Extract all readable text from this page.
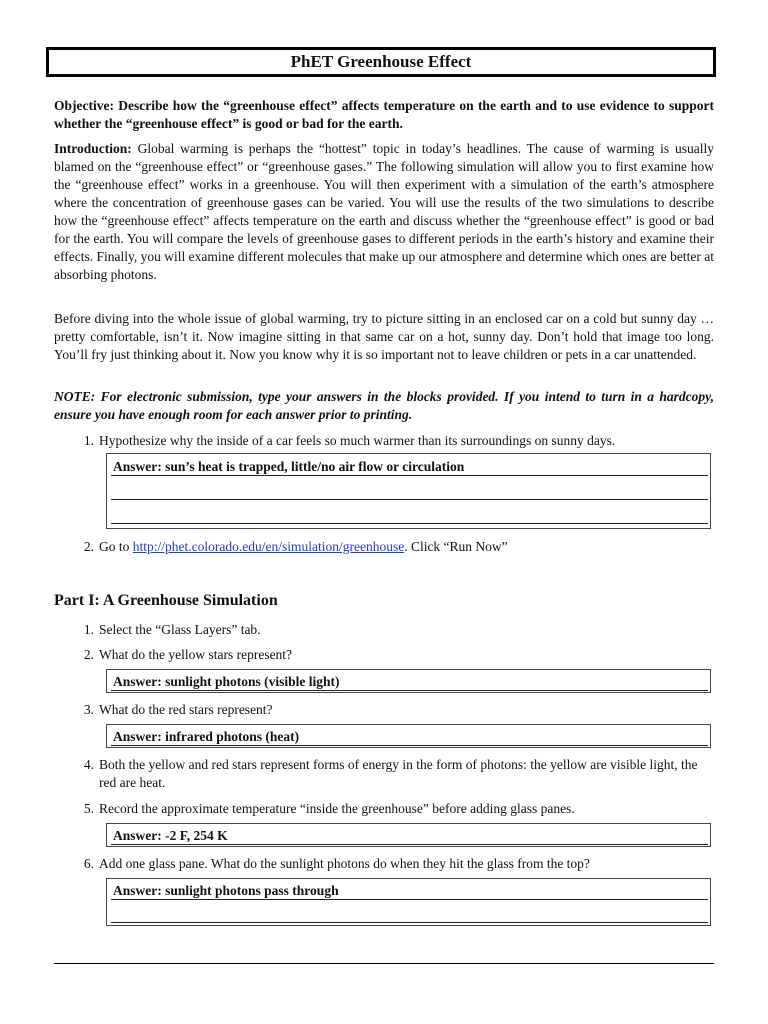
PhET Greenhouse Effect
Objective: Describe how the “greenhouse effect” affects temperature on the earth and to use evidence to support whether the “greenhouse effect” is good or bad for the earth.
Introduction: Global warming is perhaps the “hottest” topic in today’s headlines. The cause of warming is usually blamed on the “greenhouse effect” or “greenhouse gases.” The following simulation will allow you to first examine how the “greenhouse effect” works in a greenhouse. You will then experiment with a simulation of the earth’s atmosphere where the concentration of greenhouse gases can be varied. You will use the results of the two simulations to describe how the “greenhouse effect” affects temperature on the earth and discuss whether the “greenhouse effect” is good or bad for the earth. You will compare the levels of greenhouse gases to different periods in the earth’s history and examine their effects. Finally, you will examine different molecules that make up our atmosphere and determine which ones are better at absorbing photons.
Before diving into the whole issue of global warming, try to picture sitting in an enclosed car on a cold but sunny day … pretty comfortable, isn’t it. Now imagine sitting in that same car on a hot, sunny day. Don’t hold that image too long. You’ll fry just thinking about it. Now you know why it is so important not to leave children or pets in a car unattended.
NOTE: For electronic submission, type your answers in the blocks provided. If you intend to turn in a hardcopy, ensure you have enough room for each answer prior to printing.
1. Hypothesize why the inside of a car feels so much warmer than its surroundings on sunny days.
Answer: sun’s heat is trapped, little/no air flow or circulation
2. Go to http://phet.colorado.edu/en/simulation/greenhouse. Click “Run Now”
Part I: A Greenhouse Simulation
1. Select the “Glass Layers” tab.
2. What do the yellow stars represent?
Answer: sunlight photons (visible light)
3. What do the red stars represent?
Answer: infrared photons (heat)
4. Both the yellow and red stars represent forms of energy in the form of photons: the yellow are visible light, the red are heat.
5. Record the approximate temperature “inside the greenhouse” before adding glass panes.
Answer: -2 F, 254 K
6. Add one glass pane. What do the sunlight photons do when they hit the glass from the top?
Answer: sunlight photons pass through
